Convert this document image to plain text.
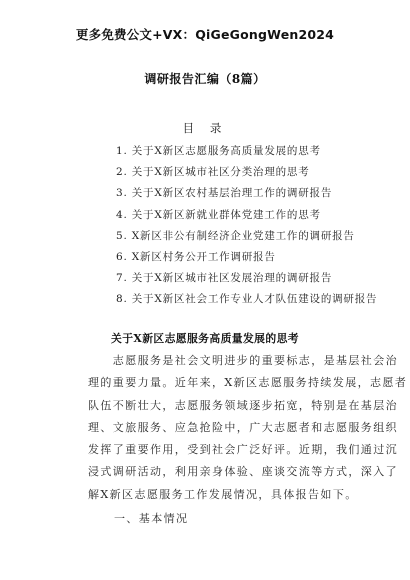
更多免费公文+VX：QiGeGongWen2024
调研报告汇编（8篇）
目 录
1. 关于X新区志愿服务高质量发展的思考
2. 关于X新区城市社区分类治理的思考
3. 关于X新区农村基层治理工作的调研报告
4. 关于X新区新就业群体党建工作的思考
5. X新区非公有制经济企业党建工作的调研报告
6. X新区村务公开工作调研报告
7. 关于X新区城市社区发展治理的调研报告
8. 关于X新区社会工作专业人才队伍建设的调研报告
关于X新区志愿服务高质量发展的思考

　　志愿服务是社会文明进步的重要标志，是基层社会治
理的重要力量。近年来，X新区志愿服务持续发展，志愿者
队伍不断壮大，志愿服务领域逐步拓宽，特别是在基层治
理、文旅服务、应急抢险中，广大志愿者和志愿服务组织
发挥了重要作用，受到社会广泛好评。近期，我们通过沉
浸式调研活动，利用亲身体验、座谈交流等方式，深入了
解X新区志愿服务工作发展情况，具体报告如下。

一、基本情况
